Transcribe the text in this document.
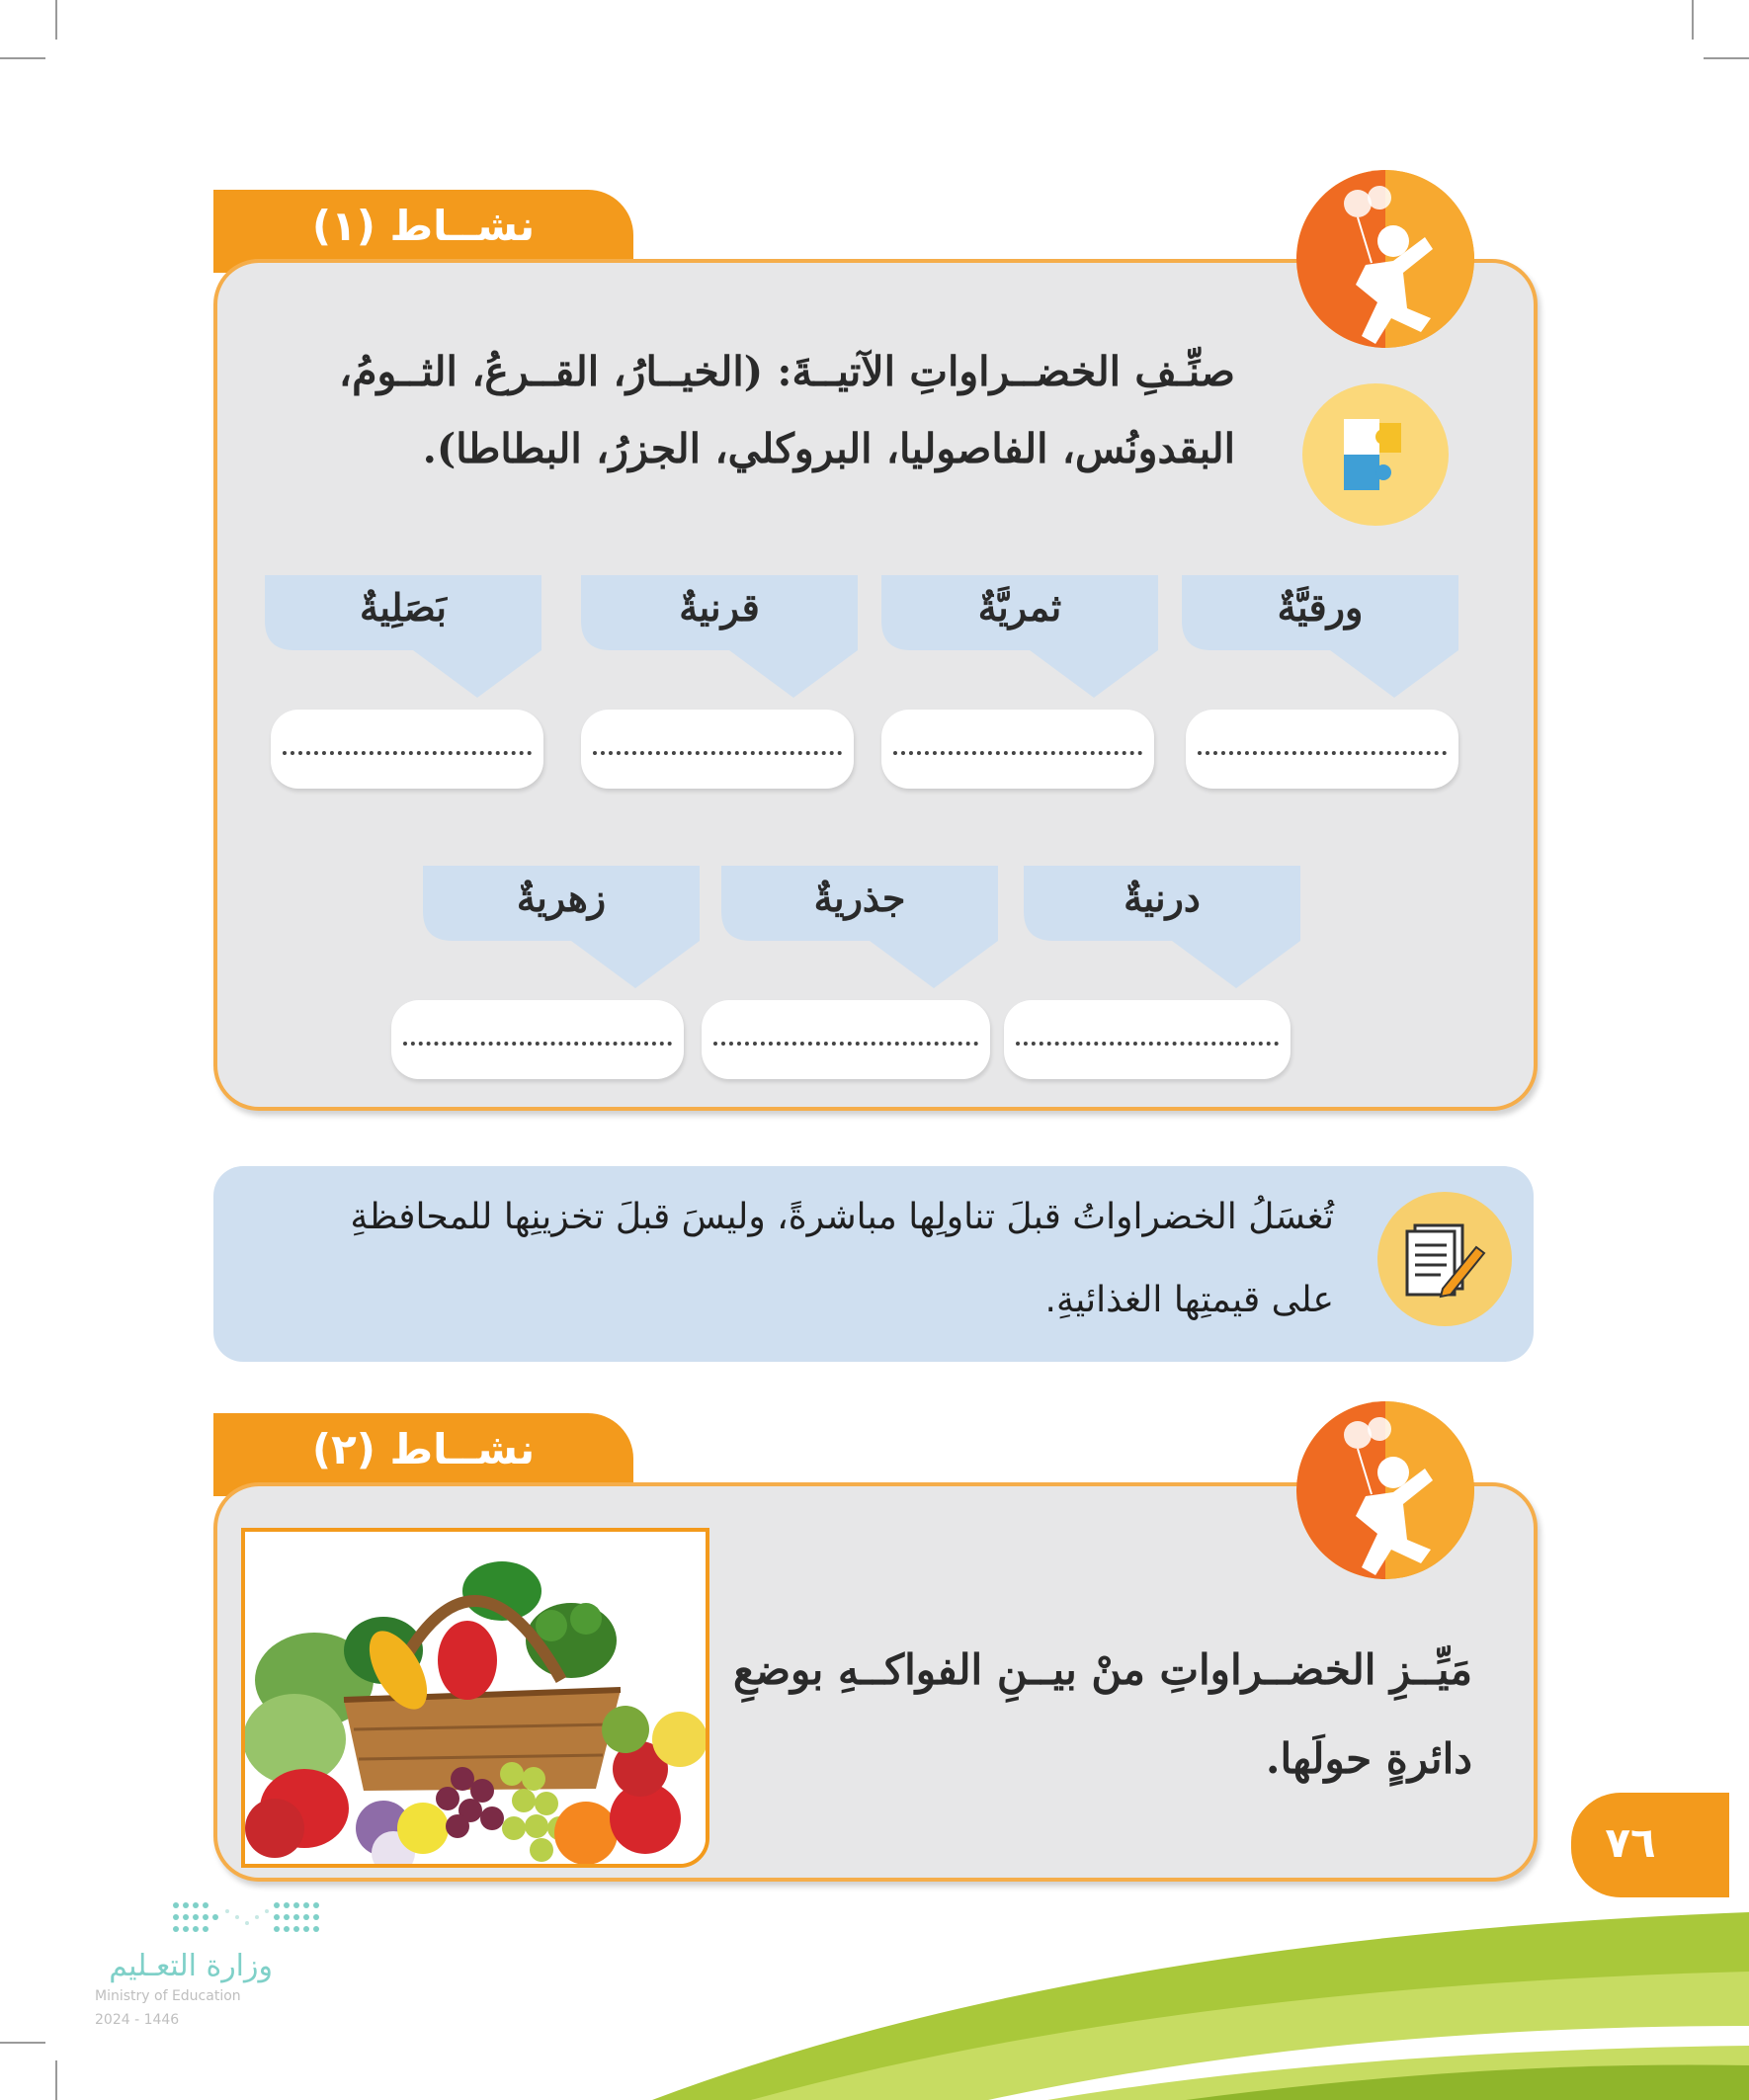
نشــاط (١)
صنِّـفِ الخضــراواتِ الآتيــةَ: (الخيــارُ، القــرعُ، الثــومُ،
البقدونُس، الفاصوليا، البروكلي، الجزرُ، البطاطا).
ورقيَّةٌ
ثمريَّةٌ
قرنيةٌ
بَصَلِيةٌ
درنيةٌ
جذريةٌ
زهريةٌ
تُغسَلُ الخضراواتُ قبلَ تناولِها مباشرةً، وليسَ قبلَ تخزينِها للمحافظةِ
على قيمتِها الغذائيةِ.
نشــاط (٢)
مَيِّــزِ الخضــراواتِ منْ بيــنِ الفواكــهِ بوضعِ
دائرةٍ حولَها.
٧٦
وزارة التعـليم
Ministry of Education
2024 - 1446
